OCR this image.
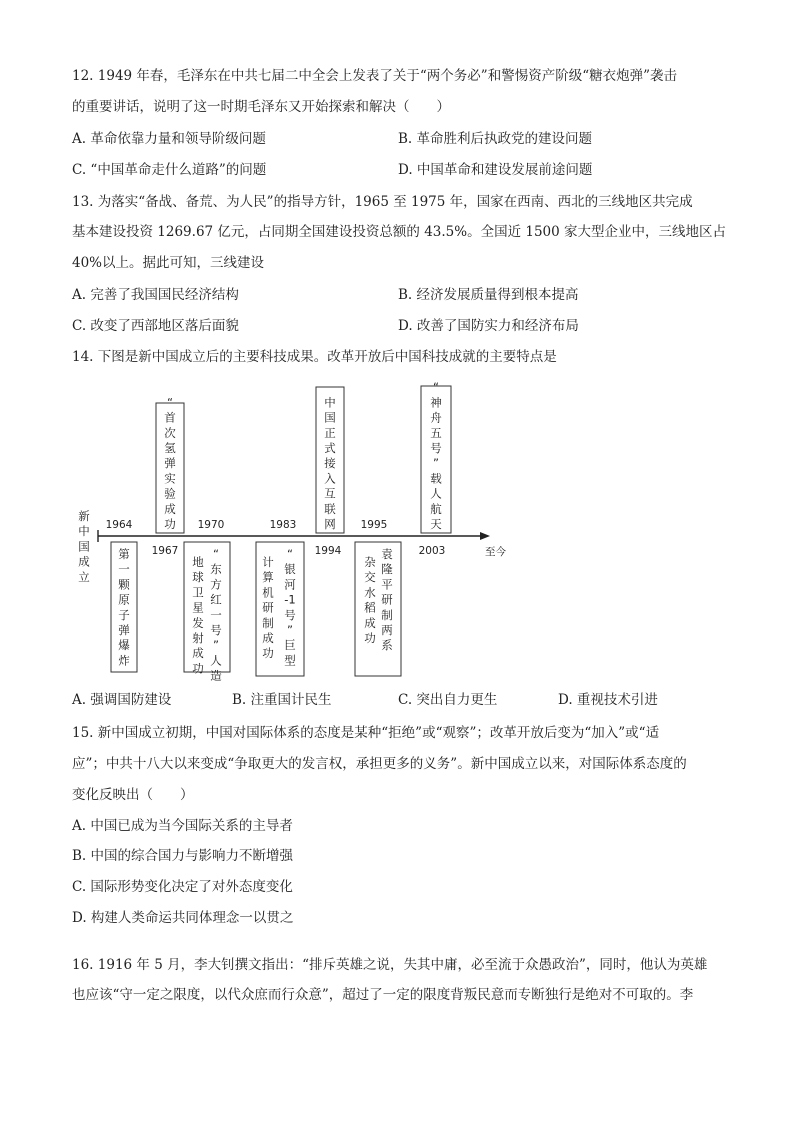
12. 1949 年春，毛泽东在中共七届二中全会上发表了关于“两个务必”和警惕资产阶级“糖衣炮弹”袭击
的重要讲话，说明了这一时期毛泽东又开始探索和解决（　　）
A. 革命依靠力量和领导阶级问题	B. 革命胜利后执政党的建设问题
C. “中国革命走什么道路”的问题	D. 中国革命和建设发展前途问题
13. 为落实“备战、备荒、为人民”的指导方针，1965 至 1975 年，国家在西南、西北的三线地区共完成
基本建设投资 1269.67 亿元，占同期全国建设投资总额的 43.5%。全国近 1500 家大型企业中，三线地区占
40%以上。据此可知，三线建设
A. 完善了我国国民经济结构	B. 经济发展质量得到根本提高
C. 改变了西部地区落后面貌	D. 改善了国防实力和经济布局
14. 下图是新中国成立后的主要科技成果。改革开放后中国科技成就的主要特点是
新
中
国
成
立
至今
“
首
次
氢
弹
实
验
成
功
1967
中
国
正
式
接
入
互
联
网
1994
“
神
舟
五
号
”
载
人
航
天
2003
1964
第
一
颗
原
子
弹
爆
炸
1970
地
球
卫
星
发
射
成
功
“
东
方
红
一
号
”
人
造
1983
计
算
机
研
制
成
功
“
银
河
-1
号
”
巨
型
1995
杂
交
水
稻
成
功
袁
隆
平
研
制
两
系
A. 强调国防建设	B. 注重国计民生	C. 突出自力更生	D. 重视技术引进
15. 新中国成立初期，中国对国际体系的态度是某种“拒绝”或“观察”；改革开放后变为“加入”或“适
应”；中共十八大以来变成“争取更大的发言权，承担更多的义务”。新中国成立以来，对国际体系态度的
变化反映出（　　）
A. 中国已成为当今国际关系的主导者
B. 中国的综合国力与影响力不断增强
C. 国际形势变化决定了对外态度变化
D. 构建人类命运共同体理念一以贯之
16. 1916 年 5 月，李大钊撰文指出：“排斥英雄之说，失其中庸，必至流于众愚政治”，同时，他认为英雄
也应该“守一定之限度，以代众庶而行众意”，超过了一定的限度背叛民意而专断独行是绝对不可取的。李
